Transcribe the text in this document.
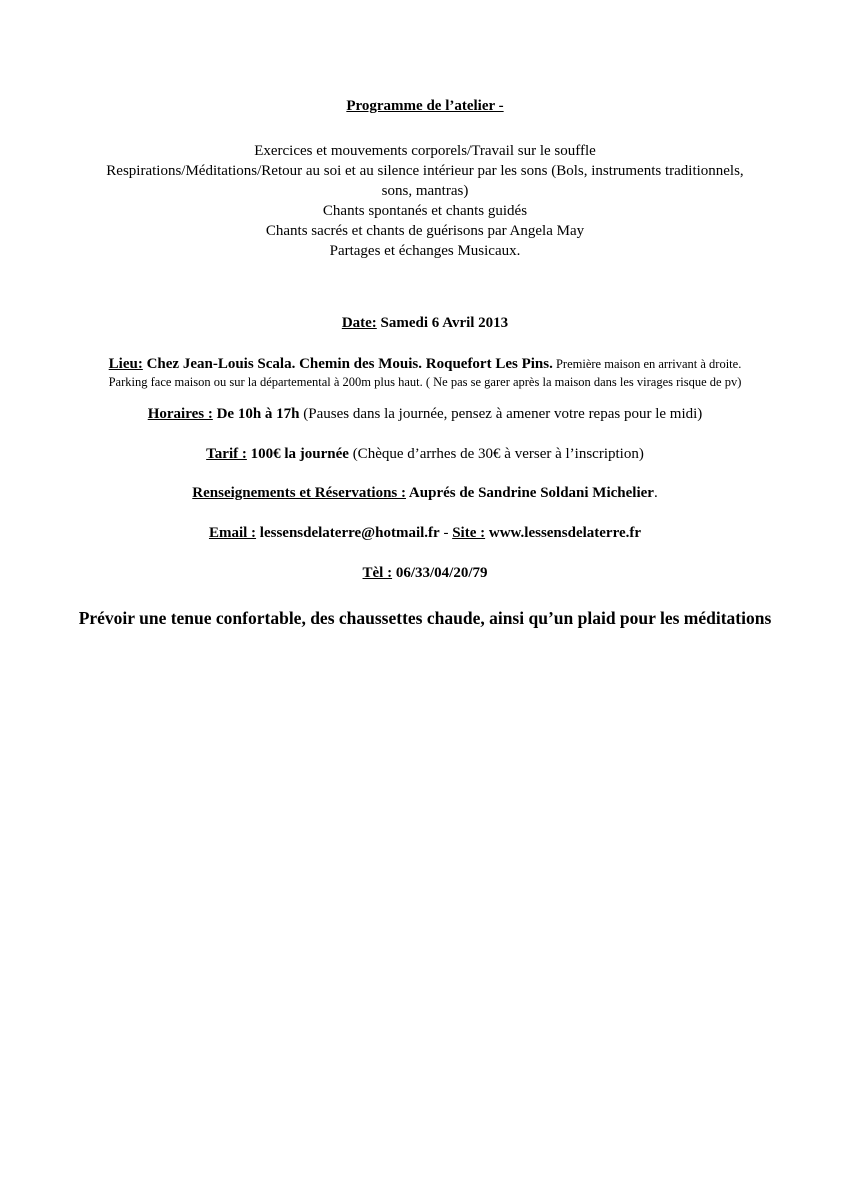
Programme de l’atelier -
Exercices et mouvements corporels/Travail sur le souffle
Respirations/Méditations/Retour au soi et au silence intérieur par les sons (Bols, instruments traditionnels,
sons, mantras)
Chants spontanés et chants guidés
Chants sacrés et chants de guérisons par Angela May
Partages et échanges Musicaux.
Date: Samedi 6 Avril 2013
Lieu: Chez Jean-Louis Scala. Chemin des Mouis. Roquefort Les Pins. Première maison en arrivant à droite.
Parking face maison ou sur la départemental à 200m plus haut. ( Ne pas se garer après la maison dans les virages risque de pv)
Horaires : De 10h à 17h (Pauses dans la journée, pensez à amener votre repas pour le midi)
Tarif : 100€ la journée (Chèque d’arrhes de 30€ à verser à l’inscription)
Renseignements et Réservations : Auprés de Sandrine Soldani Michelier.
Email : lessensdelaterre@hotmail.fr - Site : www.lessensdelaterre.fr
Tèl : 06/33/04/20/79
Prévoir une tenue confortable, des chaussettes chaude, ainsi qu’un plaid pour les méditations
